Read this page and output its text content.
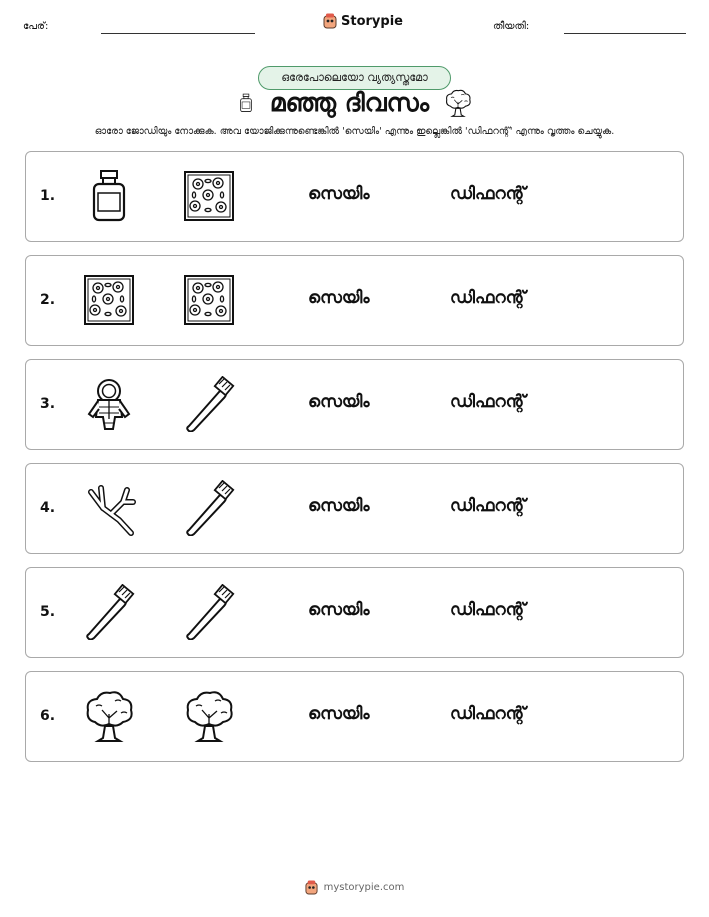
പേര്:	Storypie	തീയതി:
ഒരേപോലെയോ വ്യത്യസ്തമോ
മഞ്ഞു ദിവസം
ഓരോ ജോഡിയും നോക്കുക. അവ യോജിക്കുന്നുണ്ടെങ്കിൽ 'സെയിം' എന്നും ഇല്ലെങ്കിൽ 'ഡിഫറന്റ്' എന്നും വൃത്തം ചെയ്യുക.
1.	സെയിം	ഡിഫറന്റ്
2.	സെയിം	ഡിഫറന്റ്
3.	സെയിം	ഡിഫറന്റ്
4.	സെയിം	ഡിഫറന്റ്
5.	സെയിം	ഡിഫറന്റ്
6.	സെയിം	ഡിഫറന്റ്
mystorypie.com
